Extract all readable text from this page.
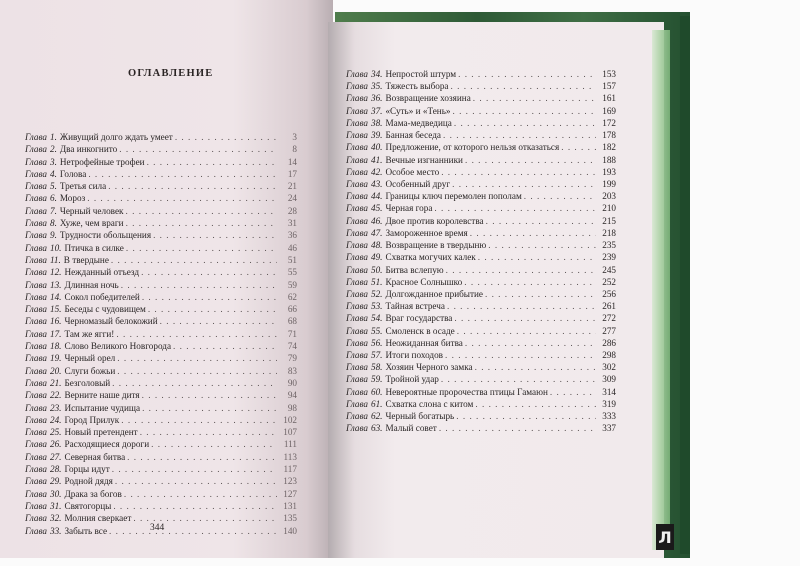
Л
ОГЛАВЛЕНИЕ
Глава 1. Живущий долго ждать умеет . . .	3
Глава 2. Два инкогнито . . .	8
Глава 3. Нетрофейные трофеи . . .	14
Глава 4. Голова . . .	17
Глава 5. Третья сила . . .	21
Глава 6. Мороз . . .	24
Глава 7. Черный человек . . .	28
Глава 8. Хуже, чем враги . . .	31
Глава 9. Трудности обольщения . . .	36
Глава 10. Птичка в силке . . .	46
Глава 11. В твердыне . . .	51
Глава 12. Нежданный отъезд . . .	55
Глава 13. Длинная ночь . . .	59
Глава 14. Сокол победителей . . .	62
Глава 15. Беседы с чудовищем . . .	66
Глава 16. Черномазый белокожий . . .	68
Глава 17. Там же ягги! . . .	71
Глава 18. Слово Великого Новгорода . . .	74
Глава 19. Черный орел . . .	79
Глава 20. Слуги божьи . . .	83
Глава 21. Безголовый . . .	90
Глава 22. Верните наше дитя . . .	94
Глава 23. Испытание чудища . . .	98
Глава 24. Город Прилук . . .	102
Глава 25. Новый претендент . . .	107
Глава 26. Расходящиеся дороги . . .	111
Глава 27. Северная битва . . .	113
Глава 28. Горцы идут . . .	117
Глава 29. Родной дядя . . .	123
Глава 30. Драка за богов . . .	127
Глава 31. Святогорцы . . .	131
Глава 32. Молния сверкает . . .	135
Глава 33. Забыть все . . .	140
Глава 34. Непростой штурм . . .	153
Глава 35. Тяжесть выбора . . .	157
Глава 36. Возвращение хозяина . . .	161
Глава 37. «Суть» и «Тень» . . .	169
Глава 38. Мама-медведица . . .	172
Глава 39. Банная беседа . . .	178
Глава 40. Предложение, от которого нельзя отказаться . . .	182
Глава 41. Вечные изгнанники . . .	188
Глава 42. Особое место . . .	193
Глава 43. Особенный друг . . .	199
Глава 44. Границы ключ перемолен пополам . . .	203
Глава 45. Черная гора . . .	210
Глава 46. Двое против королевства . . .	215
Глава 47. Замороженное время . . .	218
Глава 48. Возвращение в твердыню . . .	235
Глава 49. Схватка могучих калек . . .	239
Глава 50. Битва вслепую . . .	245
Глава 51. Красное Солнышко . . .	252
Глава 52. Долгожданное прибытие . . .	256
Глава 53. Тайная встреча . . .	261
Глава 54. Враг государства . . .	272
Глава 55. Смоленск в осаде . . .	277
Глава 56. Неожиданная битва . . .	286
Глава 57. Итоги походов . . .	298
Глава 58. Хозяин Черного замка . . .	302
Глава 59. Тройной удар . . .	309
Глава 60. Невероятные пророчества птицы Гамаюн . . .	314
Глава 61. Схватка слона с китом . . .	319
Глава 62. Черный богатырь . . .	333
Глава 63. Малый совет . . .	337
344
